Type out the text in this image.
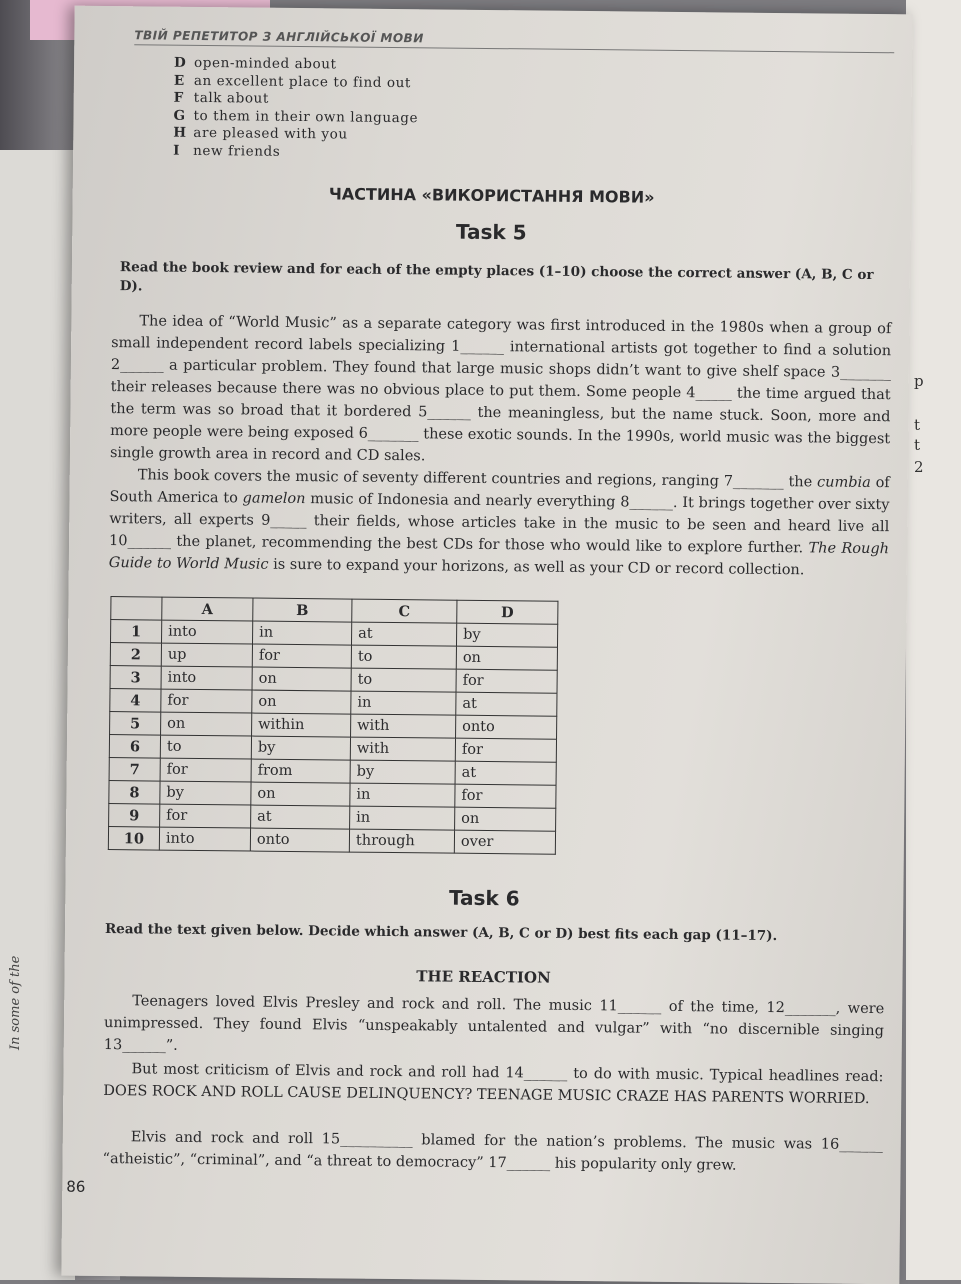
In some of the
p
t
t
2
ТВІЙ РЕПЕТИТОР З АНГЛІЙСЬКОЇ МОВИ
D open-minded about
E an excellent place to find out
F talk about
G to them in their own language
H are pleased with you
I new friends
ЧАСТИНА «ВИКОРИСТАННЯ МОВИ»
Task 5
Read the book review and for each of the empty places (1–10) choose the correct answer (A, B, C or D).
The idea of “World Music” as a separate category was first introduced in the 1980s when a group of small independent record labels specializing 1______ international artists got together to find a solution 2______ a particular problem. They found that large music shops didn’t want to give shelf space 3_______ their releases because there was no obvious place to put them. Some people 4_____ the time argued that the term was so broad that it bordered 5______ the meaningless, but the name stuck. Soon, more and more people were being exposed 6_______ these exotic sounds. In the 1990s, world music was the biggest single growth area in record and CD sales.
This book covers the music of seventy different countries and regions, ranging 7_______ the cumbia of South America to gamelon music of Indonesia and nearly everything 8______. It brings together over sixty writers, all experts 9_____ their fields, whose articles take in the music to be seen and heard live all 10______ the planet, recommending the best CDs for those who would like to explore further. The Rough Guide to World Music is sure to expand your horizons, as well as your CD or record collection.
	A	B	C	D
1	into	in	at	by
2	up	for	to	on
3	into	on	to	for
4	for	on	in	at
5	on	within	with	onto
6	to	by	with	for
7	for	from	by	at
8	by	on	in	for
9	for	at	in	on
10	into	onto	through	over
Task 6
Read the text given below. Decide which answer (A, B, C or D) best fits each gap (11–17).
THE REACTION
Teenagers loved Elvis Presley and rock and roll. The music 11______ of the time, 12_______, were unimpressed. They found Elvis “unspeakably untalented and vulgar” with “no discernible singing 13______”.
But most criticism of Elvis and rock and roll had 14______ to do with music. Typical headlines read: DOES ROCK AND ROLL CAUSE DELINQUENCY? TEENAGE MUSIC CRAZE HAS PARENTS WORRIED.
Elvis and rock and roll 15__________ blamed for the nation’s problems. The music was 16______ “atheistic”, “criminal”, and “a threat to democracy” 17______ his popularity only grew.
86
